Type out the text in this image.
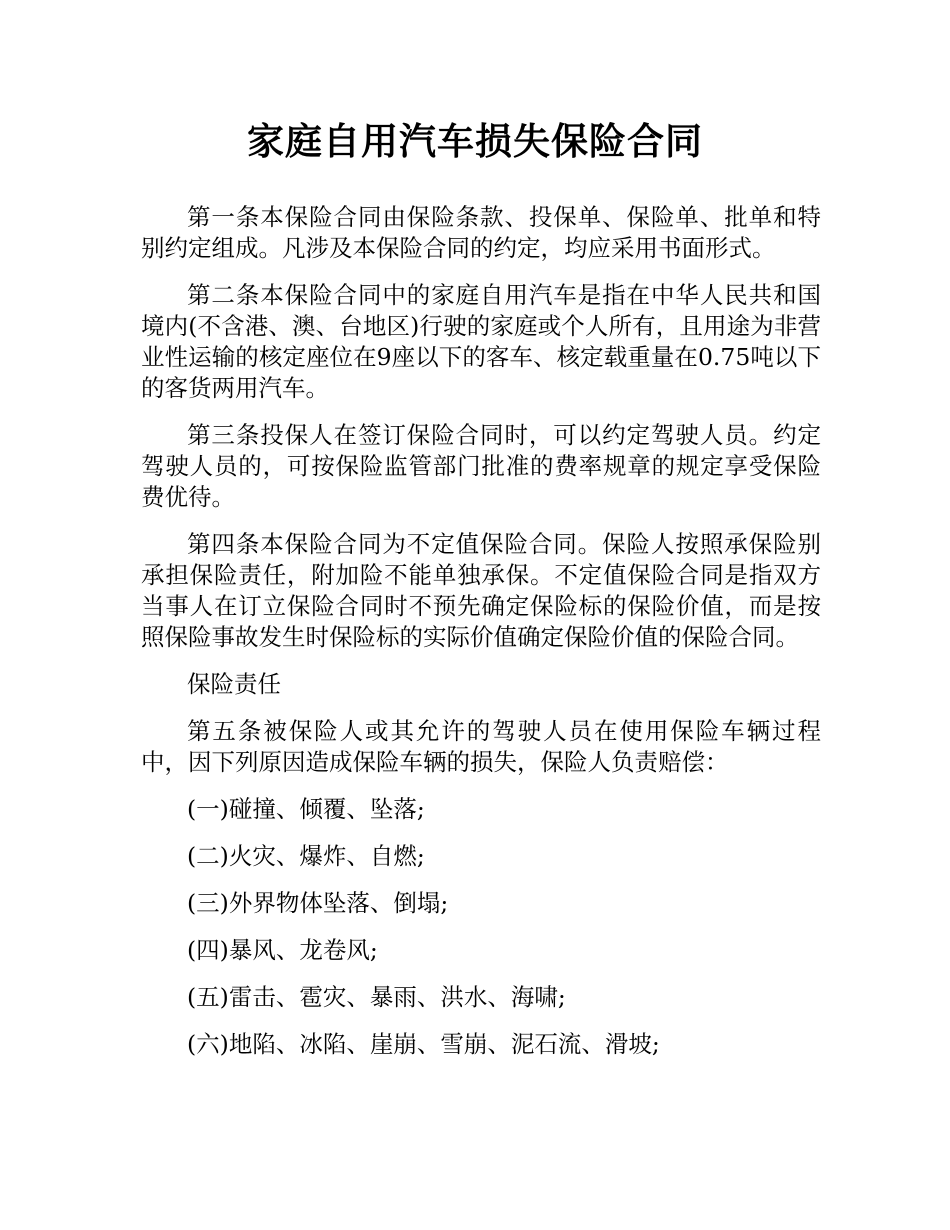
家庭自用汽车损失保险合同

第一条本保险合同由保险条款、投保单、保险单、批单和特别约定组成。凡涉及本保险合同的约定，均应采用书面形式。

第二条本保险合同中的家庭自用汽车是指在中华人民共和国境内(不含港、澳、台地区)行驶的家庭或个人所有，且用途为非营业性运输的核定座位在9座以下的客车、核定载重量在0.75吨以下的客货两用汽车。

第三条投保人在签订保险合同时，可以约定驾驶人员。约定驾驶人员的，可按保险监管部门批准的费率规章的规定享受保险费优待。

第四条本保险合同为不定值保险合同。保险人按照承保险别承担保险责任，附加险不能单独承保。不定值保险合同是指双方当事人在订立保险合同时不预先确定保险标的保险价值，而是按照保险事故发生时保险标的实际价值确定保险价值的保险合同。

保险责任

第五条被保险人或其允许的驾驶人员在使用保险车辆过程中，因下列原因造成保险车辆的损失，保险人负责赔偿：

(一)碰撞、倾覆、坠落;

(二)火灾、爆炸、自燃;

(三)外界物体坠落、倒塌;

(四)暴风、龙卷风;

(五)雷击、雹灾、暴雨、洪水、海啸;

(六)地陷、冰陷、崖崩、雪崩、泥石流、滑坡;
